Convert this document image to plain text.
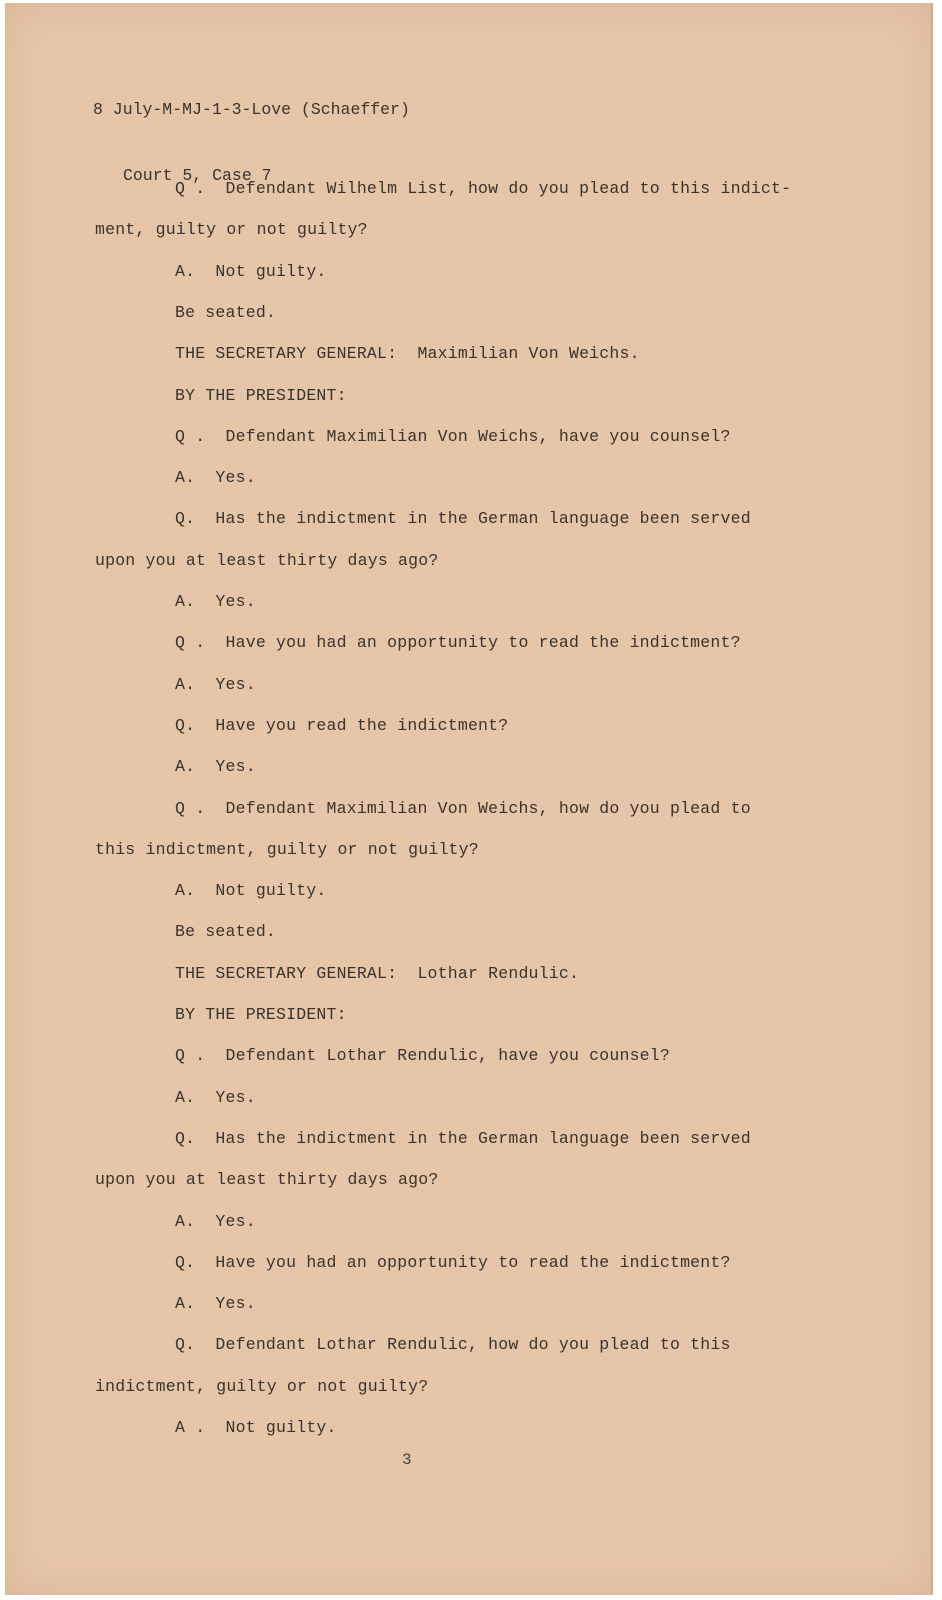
8 July-M-MJ-1-3-Love (Schaeffer)

Court 5, Case 7

Q .  Defendant Wilhelm List, how do you plead to this indict-
ment, guilty or not guilty?
A.  Not guilty.
Be seated.
THE SECRETARY GENERAL:  Maximilian Von Weichs.
BY THE PRESIDENT:
Q .  Defendant Maximilian Von Weichs, have you counsel?
A.  Yes.
Q.  Has the indictment in the German language been served
upon you at least thirty days ago?
A.  Yes.
Q .  Have you had an opportunity to read the indictment?
A.  Yes.
Q.  Have you read the indictment?
A.  Yes.
Q .  Defendant Maximilian Von Weichs, how do you plead to
this indictment, guilty or not guilty?
A.  Not guilty.
Be seated.
THE SECRETARY GENERAL:  Lothar Rendulic.
BY THE PRESIDENT:
Q .  Defendant Lothar Rendulic, have you counsel?
A.  Yes.
Q.  Has the indictment in the German language been served
upon you at least thirty days ago?
A.  Yes.
Q.  Have you had an opportunity to read the indictment?
A.  Yes.
Q.  Defendant Lothar Rendulic, how do you plead to this
indictment, guilty or not guilty?
A .  Not guilty.
3
